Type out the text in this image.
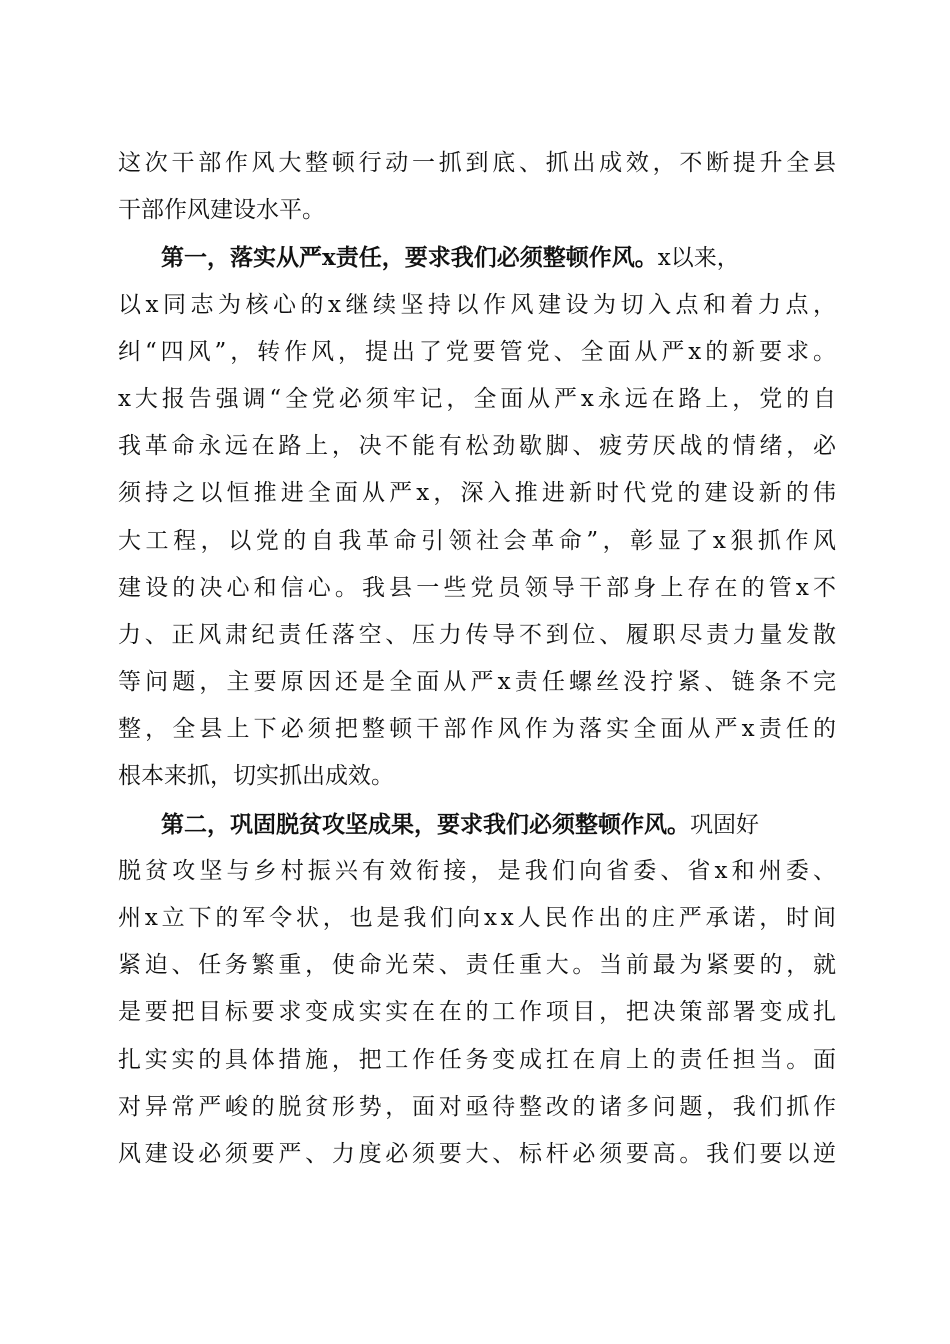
这次干部作风大整顿行动一抓到底、抓出成效，不断提升全县
干部作风建设水平。
第一，落实从严x责任，要求我们必须整顿作风。x以来，
以x同志为核心的x继续坚持以作风建设为切入点和着力点，
纠“四风”，转作风，提出了党要管党、全面从严x的新要求。
x大报告强调“全党必须牢记，全面从严x永远在路上，党的自
我革命永远在路上，决不能有松劲歇脚、疲劳厌战的情绪，必
须持之以恒推进全面从严x，深入推进新时代党的建设新的伟
大工程，以党的自我革命引领社会革命”，彰显了x狠抓作风
建设的决心和信心。我县一些党员领导干部身上存在的管x不
力、正风肃纪责任落空、压力传导不到位、履职尽责力量发散
等问题，主要原因还是全面从严x责任螺丝没拧紧、链条不完
整，全县上下必须把整顿干部作风作为落实全面从严x责任的
根本来抓，切实抓出成效。
第二，巩固脱贫攻坚成果，要求我们必须整顿作风。巩固好
脱贫攻坚与乡村振兴有效衔接，是我们向省委、省x和州委、
州x立下的军令状，也是我们向xx人民作出的庄严承诺，时间
紧迫、任务繁重，使命光荣、责任重大。当前最为紧要的，就
是要把目标要求变成实实在在的工作项目，把决策部署变成扎
扎实实的具体措施，把工作任务变成扛在肩上的责任担当。面
对异常严峻的脱贫形势，面对亟待整改的诸多问题，我们抓作
风建设必须要严、力度必须要大、标杆必须要高。我们要以逆
